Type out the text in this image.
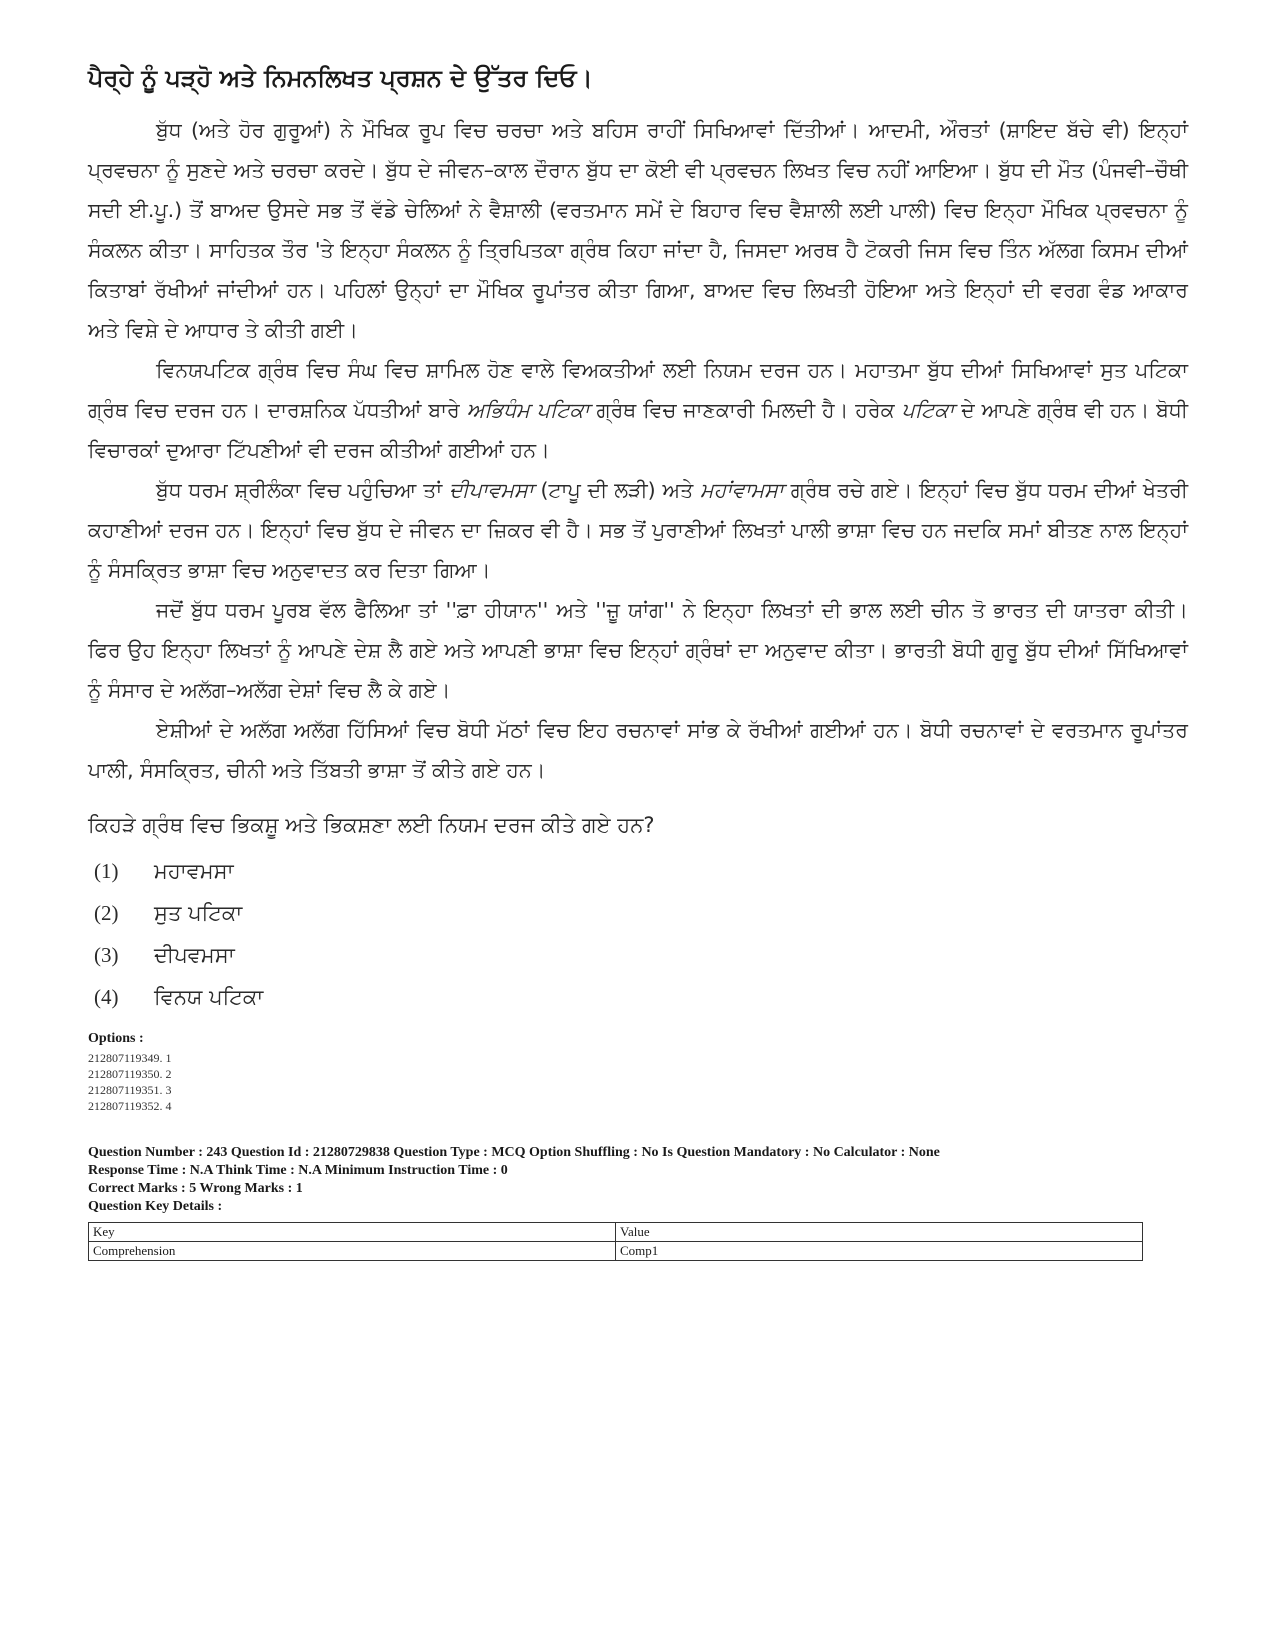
ਪੈਰ੍ਹੇ ਨੂੰ ਪੜ੍ਹੋ ਅਤੇ ਨਿਮਨਲਿਖਤ ਪ੍ਰਸ਼ਨ ਦੇ ਉੱਤਰ ਦਿਓ।

ਬੁੱਧ (ਅਤੇ ਹੋਰ ਗੁਰੂਆਂ) ਨੇ ਮੌਖਿਕ ਰੂਪ ਵਿਚ ਚਰਚਾ ਅਤੇ ਬਹਿਸ ਰਾਹੀਂ ਸਿਖਿਆਵਾਂ ਦਿੱਤੀਆਂ। ਆਦਮੀ, ਔਰਤਾਂ (ਸ਼ਾਇਦ ਬੱਚੇ ਵੀ) ਇਨ੍ਹਾਂ ਪ੍ਰਵਚਨਾ ਨੂੰ ਸੁਣਦੇ ਅਤੇ ਚਰਚਾ ਕਰਦੇ। ਬੁੱਧ ਦੇ ਜੀਵਨ–ਕਾਲ ਦੌਰਾਨ ਬੁੱਧ ਦਾ ਕੋਈ ਵੀ ਪ੍ਰਵਚਨ ਲਿਖਤ ਵਿਚ ਨਹੀਂ ਆਇਆ। ਬੁੱਧ ਦੀ ਮੌਤ (ਪੰਜਵੀ–ਚੌਥੀ ਸਦੀ ਈ.ਪੂ.) ਤੋਂ ਬਾਅਦ ਉਸਦੇ ਸਭ ਤੋਂ ਵੱਡੇ ਚੇਲਿਆਂ ਨੇ ਵੈਸ਼ਾਲੀ (ਵਰਤਮਾਨ ਸਮੇਂ ਦੇ ਬਿਹਾਰ ਵਿਚ ਵੈਸ਼ਾਲੀ ਲਈ ਪਾਲੀ) ਵਿਚ ਇਨ੍ਹਾ ਮੌਖਿਕ ਪ੍ਰਵਚਨਾ ਨੂੰ ਸੰਕਲਨ ਕੀਤਾ। ਸਾਹਿਤਕ ਤੌਰ 'ਤੇ ਇਨ੍ਹਾ ਸੰਕਲਨ ਨੂੰ ਤ੍ਰਿਪਿਤਕਾ ਗ੍ਰੰਥ ਕਿਹਾ ਜਾਂਦਾ ਹੈ, ਜਿਸਦਾ ਅਰਥ ਹੈ ਟੋਕਰੀ ਜਿਸ ਵਿਚ ਤਿੰਨ ਅੱਲਗ ਕਿਸਮ ਦੀਆਂ ਕਿਤਾਬਾਂ ਰੱਖੀਆਂ ਜਾਂਦੀਆਂ ਹਨ। ਪਹਿਲਾਂ ਉਨ੍ਹਾਂ ਦਾ ਮੌਖਿਕ ਰੂਪਾਂਤਰ ਕੀਤਾ ਗਿਆ, ਬਾਅਦ ਵਿਚ ਲਿਖਤੀ ਹੋਇਆ ਅਤੇ ਇਨ੍ਹਾਂ ਦੀ ਵਰਗ ਵੰਡ ਆਕਾਰ ਅਤੇ ਵਿਸ਼ੇ ਦੇ ਆਧਾਰ ਤੇ ਕੀਤੀ ਗਈ।

ਵਿਨਯਪਟਿਕ ਗ੍ਰੰਥ ਵਿਚ ਸੰਘ ਵਿਚ ਸ਼ਾਮਿਲ ਹੋਣ ਵਾਲੇ ਵਿਅਕਤੀਆਂ ਲਈ ਨਿਯਮ ਦਰਜ ਹਨ। ਮਹਾਤਮਾ ਬੁੱਧ ਦੀਆਂ ਸਿਖਿਆਵਾਂ ਸੁਤ ਪਟਿਕਾ ਗ੍ਰੰਥ ਵਿਚ ਦਰਜ ਹਨ। ਦਾਰਸ਼ਨਿਕ ਪੱਧਤੀਆਂ ਬਾਰੇ ਅਭਿਧੰਮ ਪਟਿਕਾ ਗ੍ਰੰਥ ਵਿਚ ਜਾਣਕਾਰੀ ਮਿਲਦੀ ਹੈ। ਹਰੇਕ ਪਟਿਕਾ ਦੇ ਆਪਣੇ ਗ੍ਰੰਥ ਵੀ ਹਨ। ਬੋਧੀ ਵਿਚਾਰਕਾਂ ਦੁਆਰਾ ਟਿੱਪਣੀਆਂ ਵੀ ਦਰਜ ਕੀਤੀਆਂ ਗਈਆਂ ਹਨ।

ਬੁੱਧ ਧਰਮ ਸ਼੍ਰੀਲੰਕਾ ਵਿਚ ਪਹੁੰਚਿਆ ਤਾਂ ਦੀਪਾਵਮਸਾ (ਟਾਪੂ ਦੀ ਲੜੀ) ਅਤੇ ਮਹਾਂਵਾਮਸਾ ਗ੍ਰੰਥ ਰਚੇ ਗਏ। ਇਨ੍ਹਾਂ ਵਿਚ ਬੁੱਧ ਧਰਮ ਦੀਆਂ ਖੇਤਰੀ ਕਹਾਣੀਆਂ ਦਰਜ ਹਨ। ਇਨ੍ਹਾਂ ਵਿਚ ਬੁੱਧ ਦੇ ਜੀਵਨ ਦਾ ਜ਼ਿਕਰ ਵੀ ਹੈ। ਸਭ ਤੋਂ ਪੁਰਾਣੀਆਂ ਲਿਖਤਾਂ ਪਾਲੀ ਭਾਸ਼ਾ ਵਿਚ ਹਨ ਜਦਕਿ ਸਮਾਂ ਬੀਤਣ ਨਾਲ ਇਨ੍ਹਾਂ ਨੂੰ ਸੰਸਕ੍ਰਿਤ ਭਾਸ਼ਾ ਵਿਚ ਅਨੁਵਾਦਤ ਕਰ ਦਿਤਾ ਗਿਆ।

ਜਦੋਂ ਬੁੱਧ ਧਰਮ ਪੂਰਬ ਵੱਲ ਫੈਲਿਆ ਤਾਂ ''ਫ਼ਾ ਹੀਯਾਨ'' ਅਤੇ ''ਜ਼ੂ ਯਾਂਗ'' ਨੇ ਇਨ੍ਹਾ ਲਿਖਤਾਂ ਦੀ ਭਾਲ ਲਈ ਚੀਨ ਤੋ ਭਾਰਤ ਦੀ ਯਾਤਰਾ ਕੀਤੀ। ਫਿਰ ਉਹ ਇਨ੍ਹਾ ਲਿਖਤਾਂ ਨੂੰ ਆਪਣੇ ਦੇਸ਼ ਲੈ ਗਏ ਅਤੇ ਆਪਣੀ ਭਾਸ਼ਾ ਵਿਚ ਇਨ੍ਹਾਂ ਗ੍ਰੰਥਾਂ ਦਾ ਅਨੁਵਾਦ ਕੀਤਾ। ਭਾਰਤੀ ਬੋਧੀ ਗੁਰੂ ਬੁੱਧ ਦੀਆਂ ਸਿੱਖਿਆਵਾਂ ਨੂੰ ਸੰਸਾਰ ਦੇ ਅਲੱਗ–ਅਲੱਗ ਦੇਸ਼ਾਂ ਵਿਚ ਲੈ ਕੇ ਗਏ।

ਏਸ਼ੀਆਂ ਦੇ ਅਲੱਗ ਅਲੱਗ ਹਿੱਸਿਆਂ ਵਿਚ ਬੋਧੀ ਮੱਠਾਂ ਵਿਚ ਇਹ ਰਚਨਾਵਾਂ ਸਾਂਭ ਕੇ ਰੱਖੀਆਂ ਗਈਆਂ ਹਨ। ਬੋਧੀ ਰਚਨਾਵਾਂ ਦੇ ਵਰਤਮਾਨ ਰੂਪਾਂਤਰ ਪਾਲੀ, ਸੰਸਕ੍ਰਿਤ, ਚੀਨੀ ਅਤੇ ਤਿੱਬਤੀ ਭਾਸ਼ਾ ਤੋਂ ਕੀਤੇ ਗਏ ਹਨ।

ਕਿਹੜੇ ਗ੍ਰੰਥ ਵਿਚ ਭਿਕਸ਼ੂ ਅਤੇ ਭਿਕਸ਼ਣਾ ਲਈ ਨਿਯਮ ਦਰਜ ਕੀਤੇ ਗਏ ਹਨ?
(1)	ਮਹਾਵਮਸਾ
(2)	ਸੁਤ ਪਟਿਕਾ
(3)	ਦੀਪਵਮਸਾ
(4)	ਵਿਨਯ ਪਟਿਕਾ
Options :
212807119349. 1
212807119350. 2
212807119351. 3
212807119352. 4
Question Number : 243 Question Id : 21280729838 Question Type : MCQ Option Shuffling : No Is Question Mandatory : No Calculator : None
Response Time : N.A Think Time : N.A Minimum Instruction Time : 0
Correct Marks : 5 Wrong Marks : 1
Question Key Details :
Key	Value
Comprehension	Comp1
